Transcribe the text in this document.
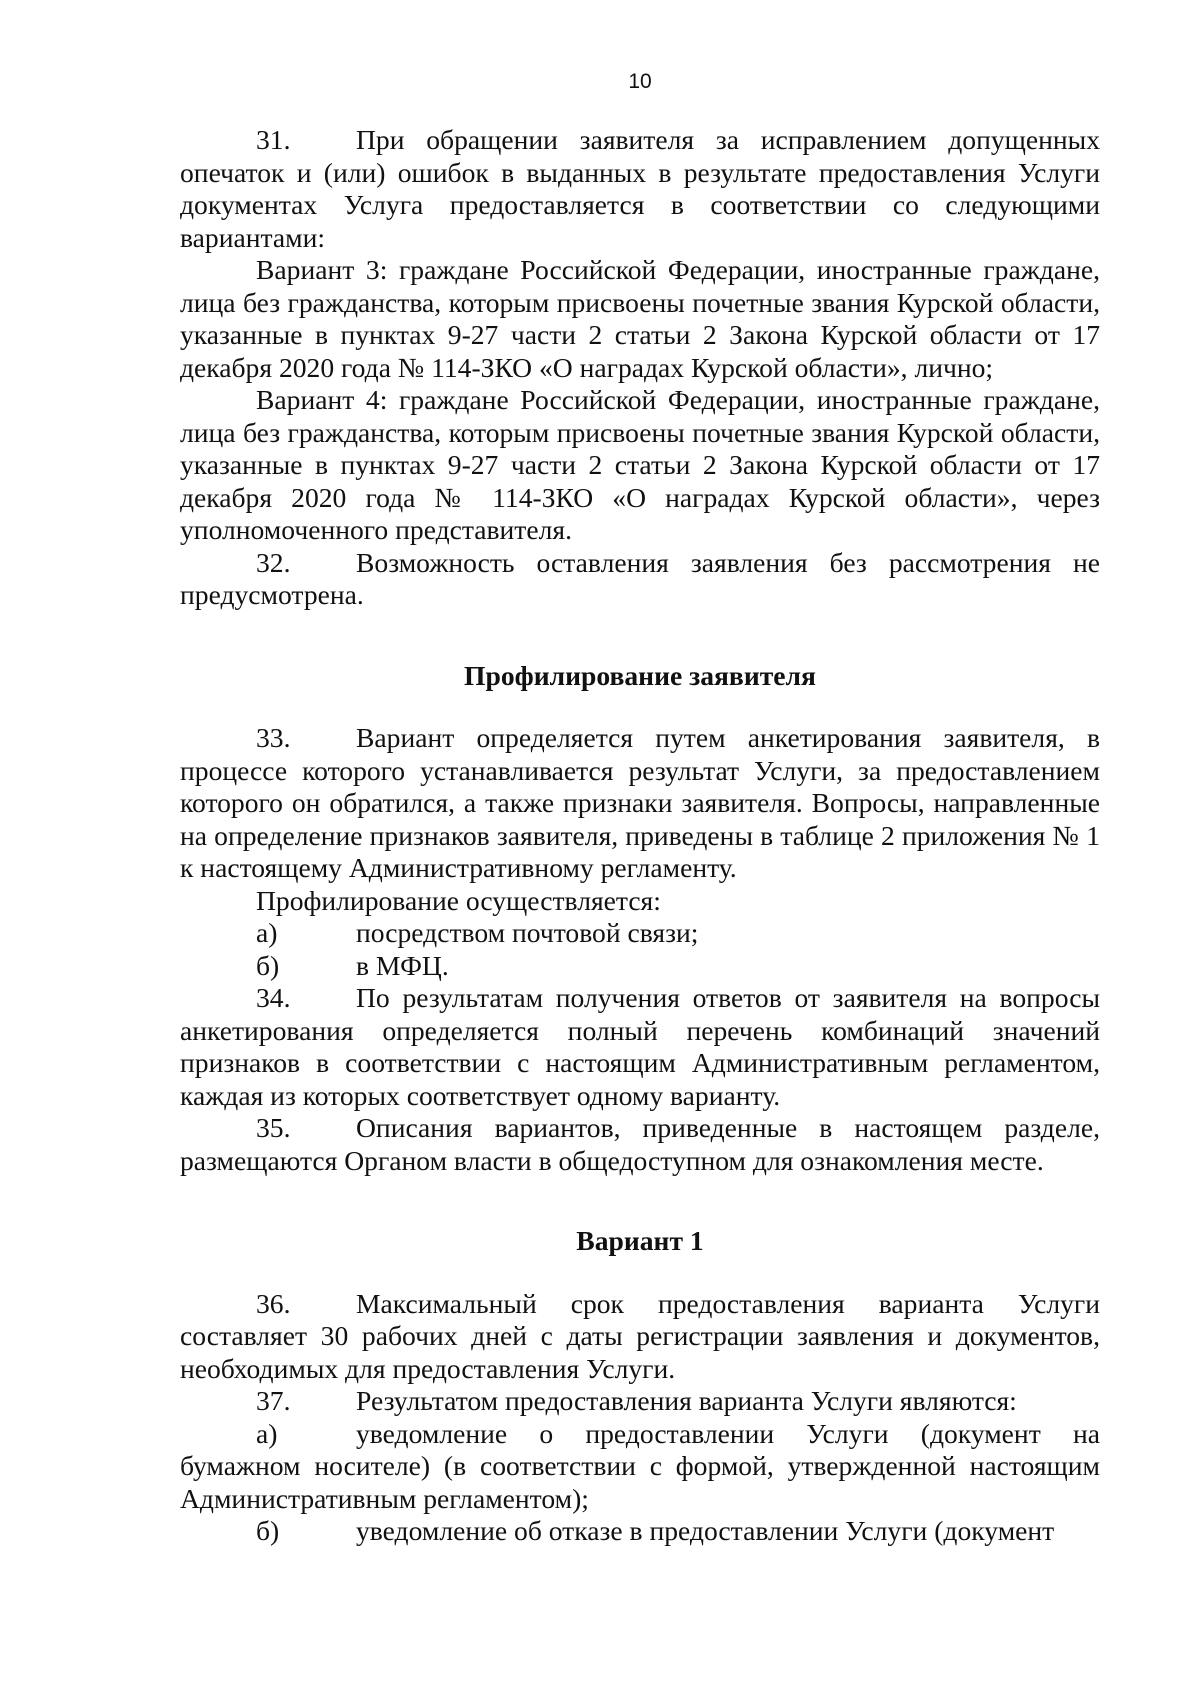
10

31. При обращении заявителя за исправлением допущенных опечаток и (или) ошибок в выданных в результате предоставления Услуги документах Услуга предоставляется в соответствии со следующими вариантами:

Вариант 3: граждане Российской Федерации, иностранные граждане, лица без гражданства, которым присвоены почетные звания Курской области, указанные в пунктах 9-27 части 2 статьи 2 Закона Курской области от 17 декабря 2020 года № 114-ЗКО «О наградах Курской области», лично;

Вариант 4: граждане Российской Федерации, иностранные граждане, лица без гражданства, которым присвоены почетные звания Курской области, указанные в пунктах 9-27 части 2 статьи 2 Закона Курской области от 17 декабря 2020 года № 114-ЗКО «О наградах Курской области», через уполномоченного представителя.

32. Возможность оставления заявления без рассмотрения не предусмотрена.

Профилирование заявителя

33. Вариант определяется путем анкетирования заявителя, в процессе которого устанавливается результат Услуги, за предоставлением которого он обратился, а также признаки заявителя. Вопросы, направленные на определение признаков заявителя, приведены в таблице 2 приложения № 1 к настоящему Административному регламенту.

Профилирование осуществляется:

а)	посредством почтовой связи;

б)	в МФЦ.

34. По результатам получения ответов от заявителя на вопросы анкетирования определяется полный перечень комбинаций значений признаков в соответствии с настоящим Административным регламентом, каждая из которых соответствует одному варианту.

35. Описания вариантов, приведенные в настоящем разделе, размещаются Органом власти в общедоступном для ознакомления месте.

Вариант 1

36. Максимальный срок предоставления варианта Услуги составляет 30 рабочих дней с даты регистрации заявления и документов, необходимых для предоставления Услуги.

37. Результатом предоставления варианта Услуги являются:

а)	уведомление о предоставлении Услуги (документ на бумажном носителе) (в соответствии с формой, утвержденной настоящим Административным регламентом);

б)	уведомление об отказе в предоставлении Услуги (документ
